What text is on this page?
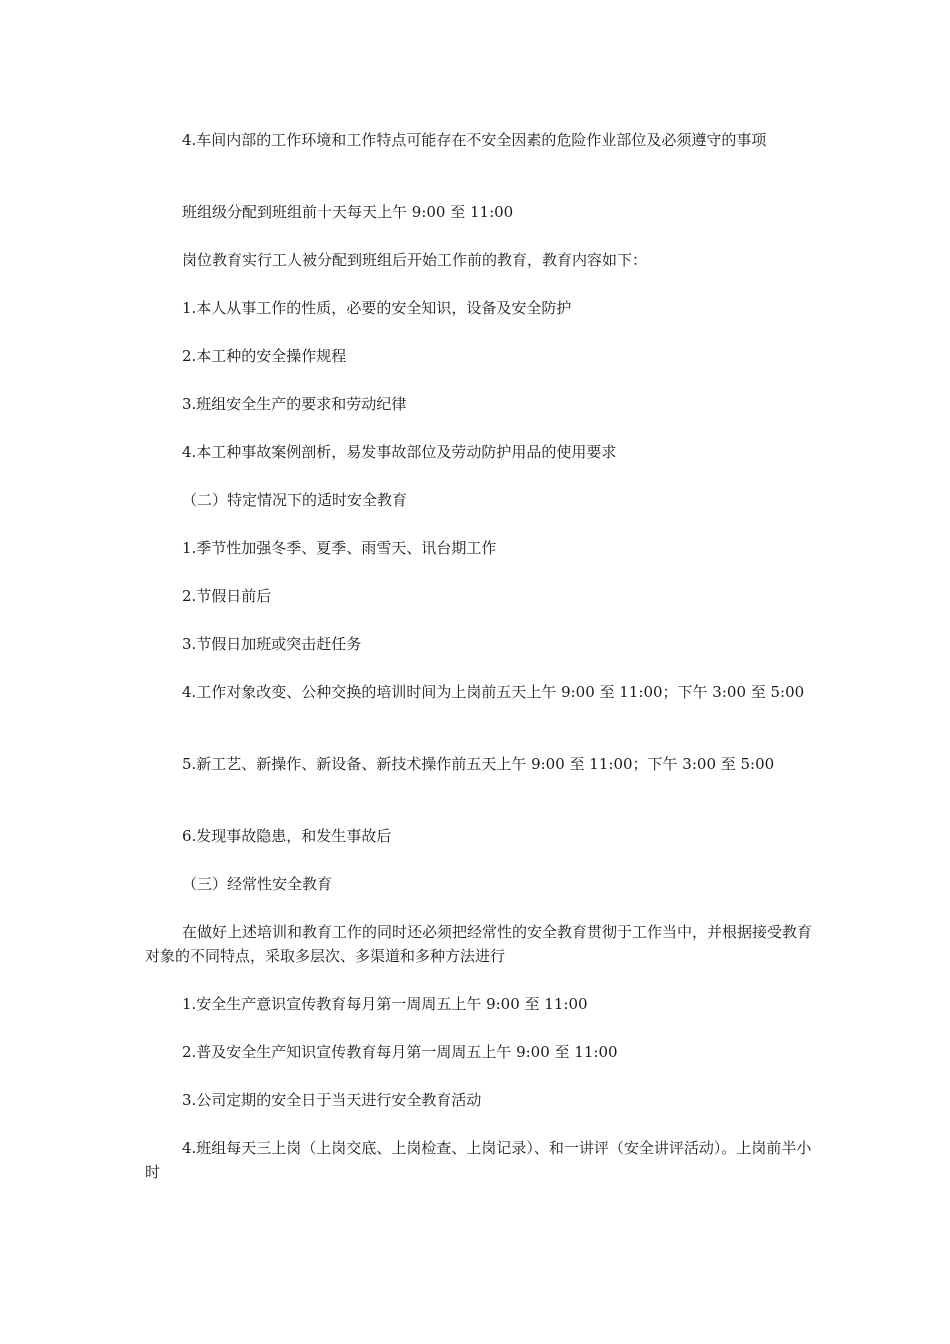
4.车间内部的工作环境和工作特点可能存在不安全因素的危险作业部位及必须遵守的事项

班组级分配到班组前十天每天上午 9:00 至 11:00

岗位教育实行工人被分配到班组后开始工作前的教育，教育内容如下：

1.本人从事工作的性质，必要的安全知识，设备及安全防护

2.本工种的安全操作规程

3.班组安全生产的要求和劳动纪律

4.本工种事故案例剖析，易发事故部位及劳动防护用品的使用要求

（二）特定情况下的适时安全教育

1.季节性加强冬季、夏季、雨雪天、讯台期工作

2.节假日前后

3.节假日加班或突击赶任务

4.工作对象改变、公种交换的培训时间为上岗前五天上午 9:00 至 11:00；下午 3:00 至 5:00

5.新工艺、新操作、新设备、新技术操作前五天上午 9:00 至 11:00；下午 3:00 至 5:00

6.发现事故隐患，和发生事故后

（三）经常性安全教育

在做好上述培训和教育工作的同时还必须把经常性的安全教育贯彻于工作当中，并根据接受教育对象的不同特点，采取多层次、多渠道和多种方法进行

1.安全生产意识宣传教育每月第一周周五上午 9:00 至 11:00

2.普及安全生产知识宣传教育每月第一周周五上午 9:00 至 11:00

3.公司定期的安全日于当天进行安全教育活动

4.班组每天三上岗（上岗交底、上岗检查、上岗记录）、和一讲评（安全讲评活动）。上岗前半小时
